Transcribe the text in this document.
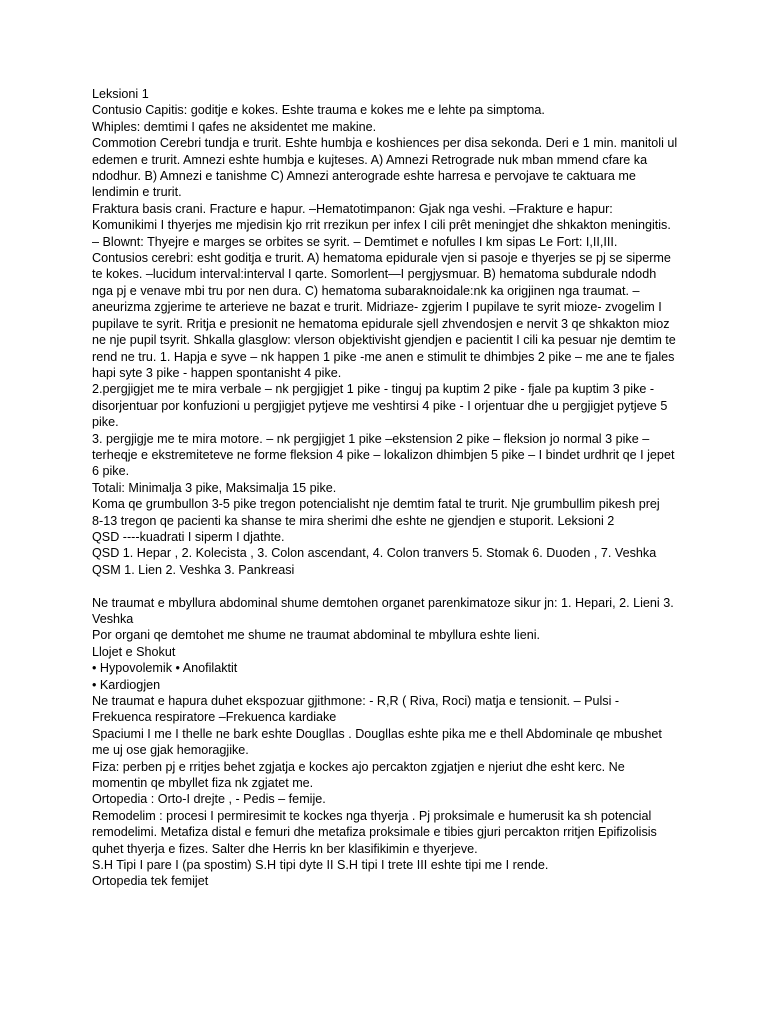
Leksioni 1

Contusio Capitis: goditje e kokes. Eshte trauma e kokes me e lehte pa simptoma.

Whiples: demtimi I qafes ne aksidentet me makine.

Commotion Cerebri tundja e trurit. Eshte humbja e koshiences per disa sekonda. Deri e 1 min. manitoli ul edemen e trurit. Amnezi eshte humbja e kujteses. A) Amnezi Retrograde nuk mban mmend cfare ka ndodhur. B) Amnezi e tanishme C) Amnezi anterograde eshte harresa e pervojave te caktuara me lendimin e trurit.

Fraktura basis crani. Fracture e hapur. –Hematotimpanon: Gjak nga veshi. –Frakture e hapur: Komunikimi I thyerjes me mjedisin kjo rrit rrezikun per infex I cili prêt meningjet dhe shkakton meningitis. – Blownt: Thyejre e marges se orbites se syrit. – Demtimet e nofulles I km sipas Le Fort: I,II,III.

Contusios cerebri: esht goditja e trurit. A) hematoma epidurale vjen si pasoje e thyerjes se pj se siperme te kokes. –lucidum interval:interval I qarte. Somorlent—I pergjysmuar. B) hematoma subdurale ndodh nga pj e venave mbi tru por nen dura. C) hematoma subaraknoidale:nk ka origjinen nga traumat. – aneurizma zgjerime te arterieve ne bazat e trurit. Midriaze- zgjerim I pupilave te syrit mioze- zvogelim I pupilave te syrit. Rritja e presionit ne hematoma epidurale sjell zhvendosjen e nervit 3 qe shkakton mioz ne nje pupil tsyrit. Shkalla glasglow: vlerson objektivisht gjendjen e pacientit I cili ka pesuar nje demtim te rend ne tru. 1. Hapja e syve – nk happen 1 pike -me anen e stimulit te dhimbjes 2 pike – me ane te fjales hapi syte 3 pike - happen spontanisht 4 pike.

2.pergjigjet me te mira verbale – nk pergjigjet 1 pike - tinguj pa kuptim 2 pike - fjale pa kuptim 3 pike - disorjentuar por konfuzioni u pergjigjet pytjeve me veshtirsi 4 pike - I orjentuar dhe u pergjigjet pytjeve 5 pike.

3. pergjigje me te mira motore. – nk pergjigjet 1 pike –ekstension 2 pike – fleksion jo normal 3 pike – terheqje e ekstremiteteve ne forme fleksion 4 pike – lokalizon dhimbjen 5 pike – I bindet urdhrit qe I jepet 6 pike.

Totali: Minimalja 3 pike, Maksimalja 15 pike.

Koma qe grumbullon 3-5 pike tregon potencialisht nje demtim fatal te trurit. Nje grumbullim pikesh prej

8-13 tregon qe pacienti ka shanse te mira sherimi dhe eshte ne gjendjen e stuporit. Leksioni 2

QSD ----kuadrati I siperm I djathte.

QSD 1. Hepar , 2. Kolecista , 3. Colon ascendant, 4. Colon tranvers 5. Stomak 6. Duoden , 7. Veshka

QSM 1. Lien 2. Veshka 3. Pankreasi

Ne traumat e mbyllura abdominal shume demtohen organet parenkimatoze sikur jn: 1. Hepari, 2. Lieni 3. Veshka

Por organi qe demtohet me shume ne traumat abdominal te mbyllura eshte lieni.

Llojet e Shokut

• Hypovolemik • Anofilaktit

• Kardiogjen

Ne traumat e hapura duhet ekspozuar gjithmone: - R,R ( Riva, Roci) matja e tensionit. – Pulsi - Frekuenca respiratore –Frekuenca kardiake

Spaciumi I me I thelle ne bark eshte Dougllas . Dougllas eshte pika me e thell Abdominale qe mbushet me uj ose gjak hemoragjike.

Fiza: perben pj e rritjes behet zgjatja e kockes ajo percakton zgjatjen e njeriut dhe esht kerc. Ne momentin qe mbyllet fiza nk zgjatet me.

Ortopedia : Orto-I drejte , - Pedis – femije.

Remodelim : procesi I permiresimit te kockes nga thyerja . Pj proksimale e humerusit ka sh potencial remodelimi. Metafiza distal e femuri dhe metafiza proksimale e tibies gjuri percakton rritjen Epifizolisis quhet thyerja e fizes. Salter dhe Herris kn ber klasifikimin e thyerjeve.

S.H Tipi I pare I (pa spostim) S.H tipi dyte II S.H tipi I trete III eshte tipi me I rende.

Ortopedia tek femijet
